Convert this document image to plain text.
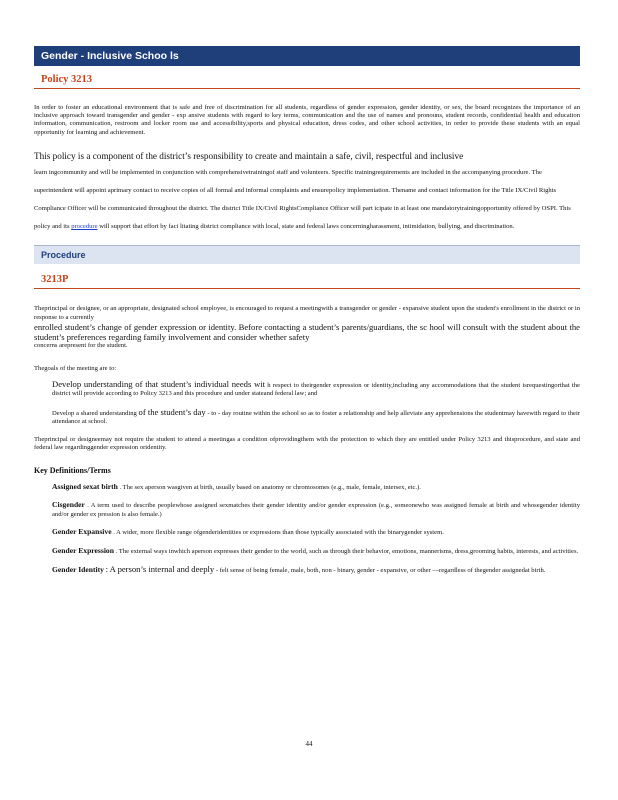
Gender - Inclusive Schoo ls
Policy 3213

In order to foster an educational environment that is safe and free of discrimination for all students, regardless of gender expression, gender identity, or sex, the board recognizes the importance of an inclusive approach toward transgender and gender - exp ansive students with regard to key terms, communication and the use of names and pronouns, student records, confidential health and education information, communication, restroom and locker room use and accessibility,sports and physical education, dress codes, and other school activities, in order to provide these students with an equal opportunity for learning and achievement.

This policy is a component of the district’s responsibility to create and maintain a safe, civil, respectful and inclusive

learn ingcommunity and will be implemented in conjunction with comprehensivetrainingof staff and volunteers. Specific trainingrequirements are included in the accompanying procedure. The superintendent will appoint aprimary contact to receive copies of all formal and informal complaints and ensurepolicy implementation. Thename and contact information for the Title IX/Civil Rights Compliance Officer will be communicated throughout the district. The district Title IX/Civil RightsCompliance Officer will part icipate in at least one mandatorytrainingopportunity offered by OSPI. This policy and its procedure will support that effort by faci litating district compliance with local, state and federal laws concerningharassment, intimidation, bullying, and discrimination.

Procedure
3213P
Theprincipal or designee, or an appropriate, designated school employee, is encouraged to request a meetingwith a transgender or gender - expansive student upon the student's enrollment in the district or in response to a currently
enrolled student’s change of gender expression or identity. Before contacting a student’s parents/guardians, the sc hool will consult with the student about the student’s preferences regarding family involvement and consider whether safety
concerns arepresent for the student.
Thegoals of the meeting are to:
Develop understanding of that student’s individual needs wit h respect to theirgender expression or identity,including any accommodations that the student isrequestingorthat the district will provide according to Policy 3213 and this procedure and under stateand federal law; and
Develop a shared understanding of the student’s day - to - day routine within the school so as to foster a relationship and help alleviate any apprehensions the studentmay havewith regard to their attendance at school.

Theprincipal or designeemay not require the student to attend a meetingas a condition ofprovidingthem with the protection to which they are entitled under Policy 3213 and thisprocedure, and state and federal law regardinggender expression oridentity.

Key Definitions/Terms
Assigned sexat birth . The sex aperson wasgiven at birth, usually based on anatomy or chromosomes (e.g., male, female, intersex, etc.).
Cisgender . A term used to describe peoplewhose assigned sexmatches their gender identity and/or gender expression (e.g., someonewho was assigned female at birth and whosegender identity and/or gender ex pression is also female.)
Gender Expansive . A wider, more flexible range ofgenderidentities or expressions than those typically associated with the binarygender system.
Gender Expression . The external ways inwhich aperson expresses their gender to the world, such as through their behavior, emotions, mannerisms, dress,grooming habits, interests, and activities.
Gender Identity : A person’s internal and deeply - felt sense of being female, male, both, non - binary, gender - expansive, or other —regardless of thegender assignedat birth.
44
